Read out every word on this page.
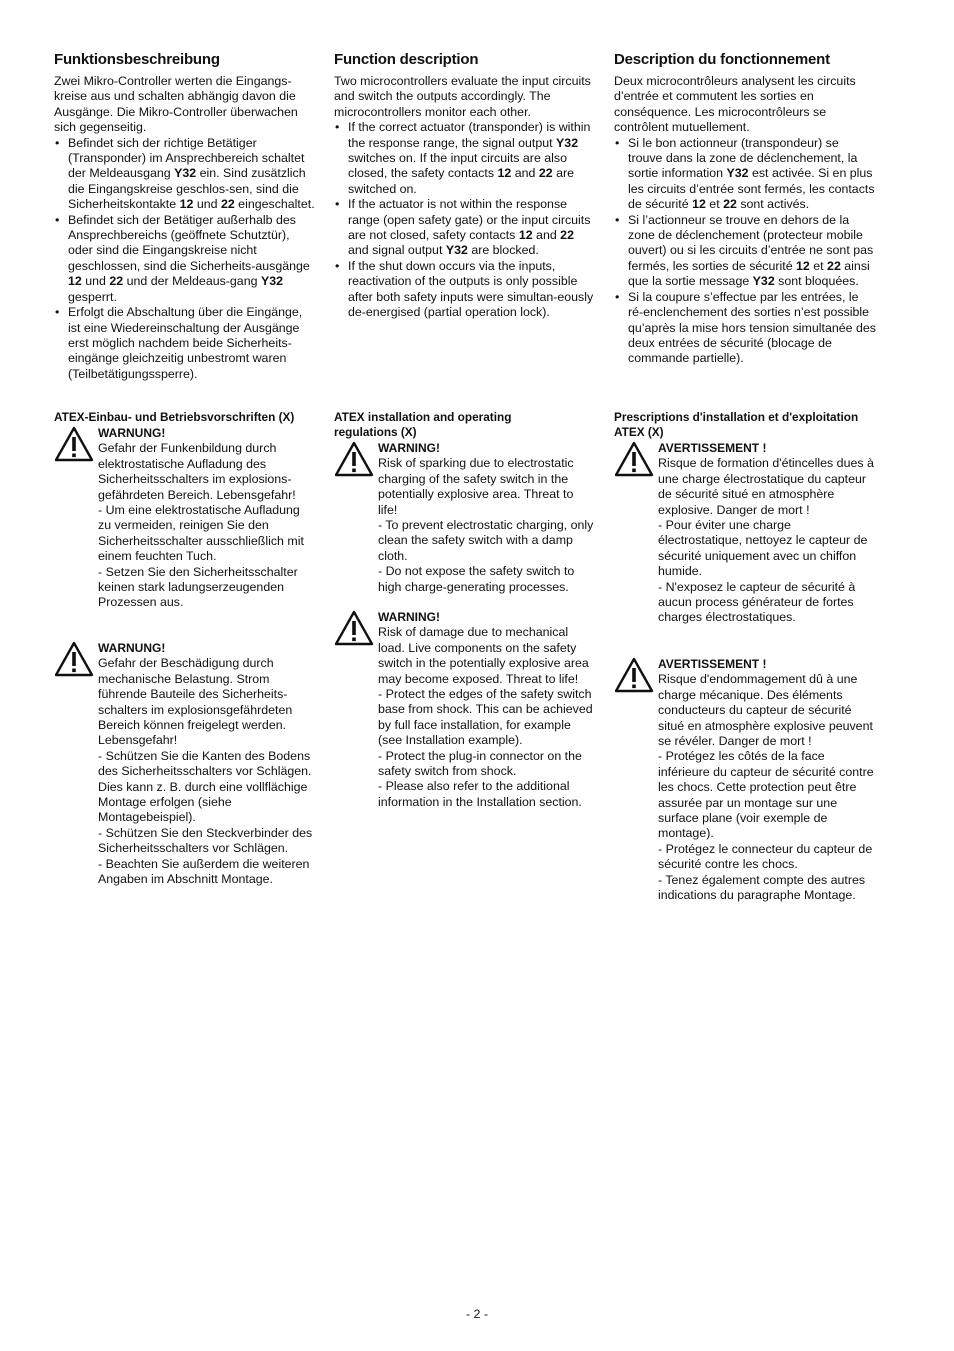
Funktionsbeschreibung

Zwei Mikro-Controller werten die Eingangs-kreise aus und schalten abhängig davon die Ausgänge. Die Mikro-Controller überwachen sich gegenseitig.

• Befindet sich der richtige Betätiger (Transponder) im Ansprechbereich schaltet der Meldeausgang Y32 ein. Sind zusätzlich die Eingangskreise geschlos-sen, sind die Sicherheitskontakte 12 und 22 eingeschaltet.
• Befindet sich der Betätiger außerhalb des Ansprechbereichs (geöffnete Schutztür), oder sind die Eingangskreise nicht geschlossen, sind die Sicherheits-ausgänge 12 und 22 und der Meldeaus-gang Y32 gesperrt.
• Erfolgt die Abschaltung über die Eingänge, ist eine Wiedereinschaltung der Ausgänge erst möglich nachdem beide Sicherheits-eingänge gleichzeitig unbestromt waren (Teilbetätigungssperre).
ATEX-Einbau- und Betriebsvorschriften (X)
WARNUNG!
Gefahr der Funkenbildung durch elektrostatische Aufladung des Sicherheitsschalters im explosions-gefährdeten Bereich. Lebensgefahr!
- Um eine elektrostatische Aufladung zu vermeiden, reinigen Sie den Sicherheitsschalter ausschließlich mit einem feuchten Tuch.
- Setzen Sie den Sicherheitsschalter keinen stark ladungserzeugenden Prozessen aus.
WARNUNG!
Gefahr der Beschädigung durch mechanische Belastung. Strom führende Bauteile des Sicherheits-schalters im explosionsgefährdeten Bereich können freigelegt werden. Lebensgefahr!
- Schützen Sie die Kanten des Bodens des Sicherheitsschalters vor Schlägen. Dies kann z. B. durch eine vollflächige Montage erfolgen (siehe Montagebeispiel).
- Schützen Sie den Steckverbinder des Sicherheitsschalters vor Schlägen.
- Beachten Sie außerdem die weiteren Angaben im Abschnitt Montage.
Function description

Two microcontrollers evaluate the input circuits and switch the outputs accordingly. The microcontrollers monitor each other.

• If the correct actuator (transponder) is within the response range, the signal output Y32 switches on. If the input circuits are also closed, the safety contacts 12 and 22 are switched on.
• If the actuator is not within the response range (open safety gate) or the input circuits are not closed, safety contacts 12 and 22 and signal output Y32 are blocked.
• If the shut down occurs via the inputs, reactivation of the outputs is only possible after both safety inputs were simultan-eously de-energised (partial operation lock).
ATEX installation and operating
regulations (X)
WARNING!
Risk of sparking due to electrostatic charging of the safety switch in the potentially explosive area. Threat to life!
- To prevent electrostatic charging, only clean the safety switch with a damp cloth.
- Do not expose the safety switch to high charge-generating processes.
WARNING!
Risk of damage due to mechanical load. Live components on the safety switch in the potentially explosive area may become exposed. Threat to life!
- Protect the edges of the safety switch base from shock. This can be achieved by full face installation, for example (see Installation example).
- Protect the plug-in connector on the safety switch from shock.
- Please also refer to the additional information in the Installation section.
Description du fonctionnement

Deux microcontrôleurs analysent les circuits d’entrée et commutent les sorties en conséquence. Les microcontrôleurs se contrôlent mutuellement.

• Si le bon actionneur (transpondeur) se trouve dans la zone de déclenchement, la sortie information Y32 est activée. Si en plus les circuits d’entrée sont fermés, les contacts de sécurité 12 et 22 sont activés.
• Si l’actionneur se trouve en dehors de la zone de déclenchement (protecteur mobile ouvert) ou si les circuits d’entrée ne sont pas fermés, les sorties de sécurité 12 et 22 ainsi que la sortie message Y32 sont bloquées.
• Si la coupure s’effectue par les entrées, le ré-enclenchement des sorties n’est possible qu’après la mise hors tension simultanée des deux entrées de sécurité (blocage de commande partielle).
Prescriptions d'installation et d'exploitation
ATEX (X)
AVERTISSEMENT !
Risque de formation d'étincelles dues à une charge électrostatique du capteur de sécurité situé en atmosphère explosive. Danger de mort !
- Pour éviter une charge électrostatique, nettoyez le capteur de sécurité uniquement avec un chiffon humide.
- N'exposez le capteur de sécurité à aucun process générateur de fortes charges électrostatiques.
AVERTISSEMENT !
Risque d'endommagement dû à une charge mécanique. Des éléments conducteurs du capteur de sécurité situé en atmosphère explosive peuvent se révéler. Danger de mort !
- Protégez les côtés de la face inférieure du capteur de sécurité contre les chocs. Cette protection peut être assurée par un montage sur une surface plane (voir exemple de montage).
- Protégez le connecteur du capteur de sécurité contre les chocs.
- Tenez également compte des autres indications du paragraphe Montage.
- 2 -
